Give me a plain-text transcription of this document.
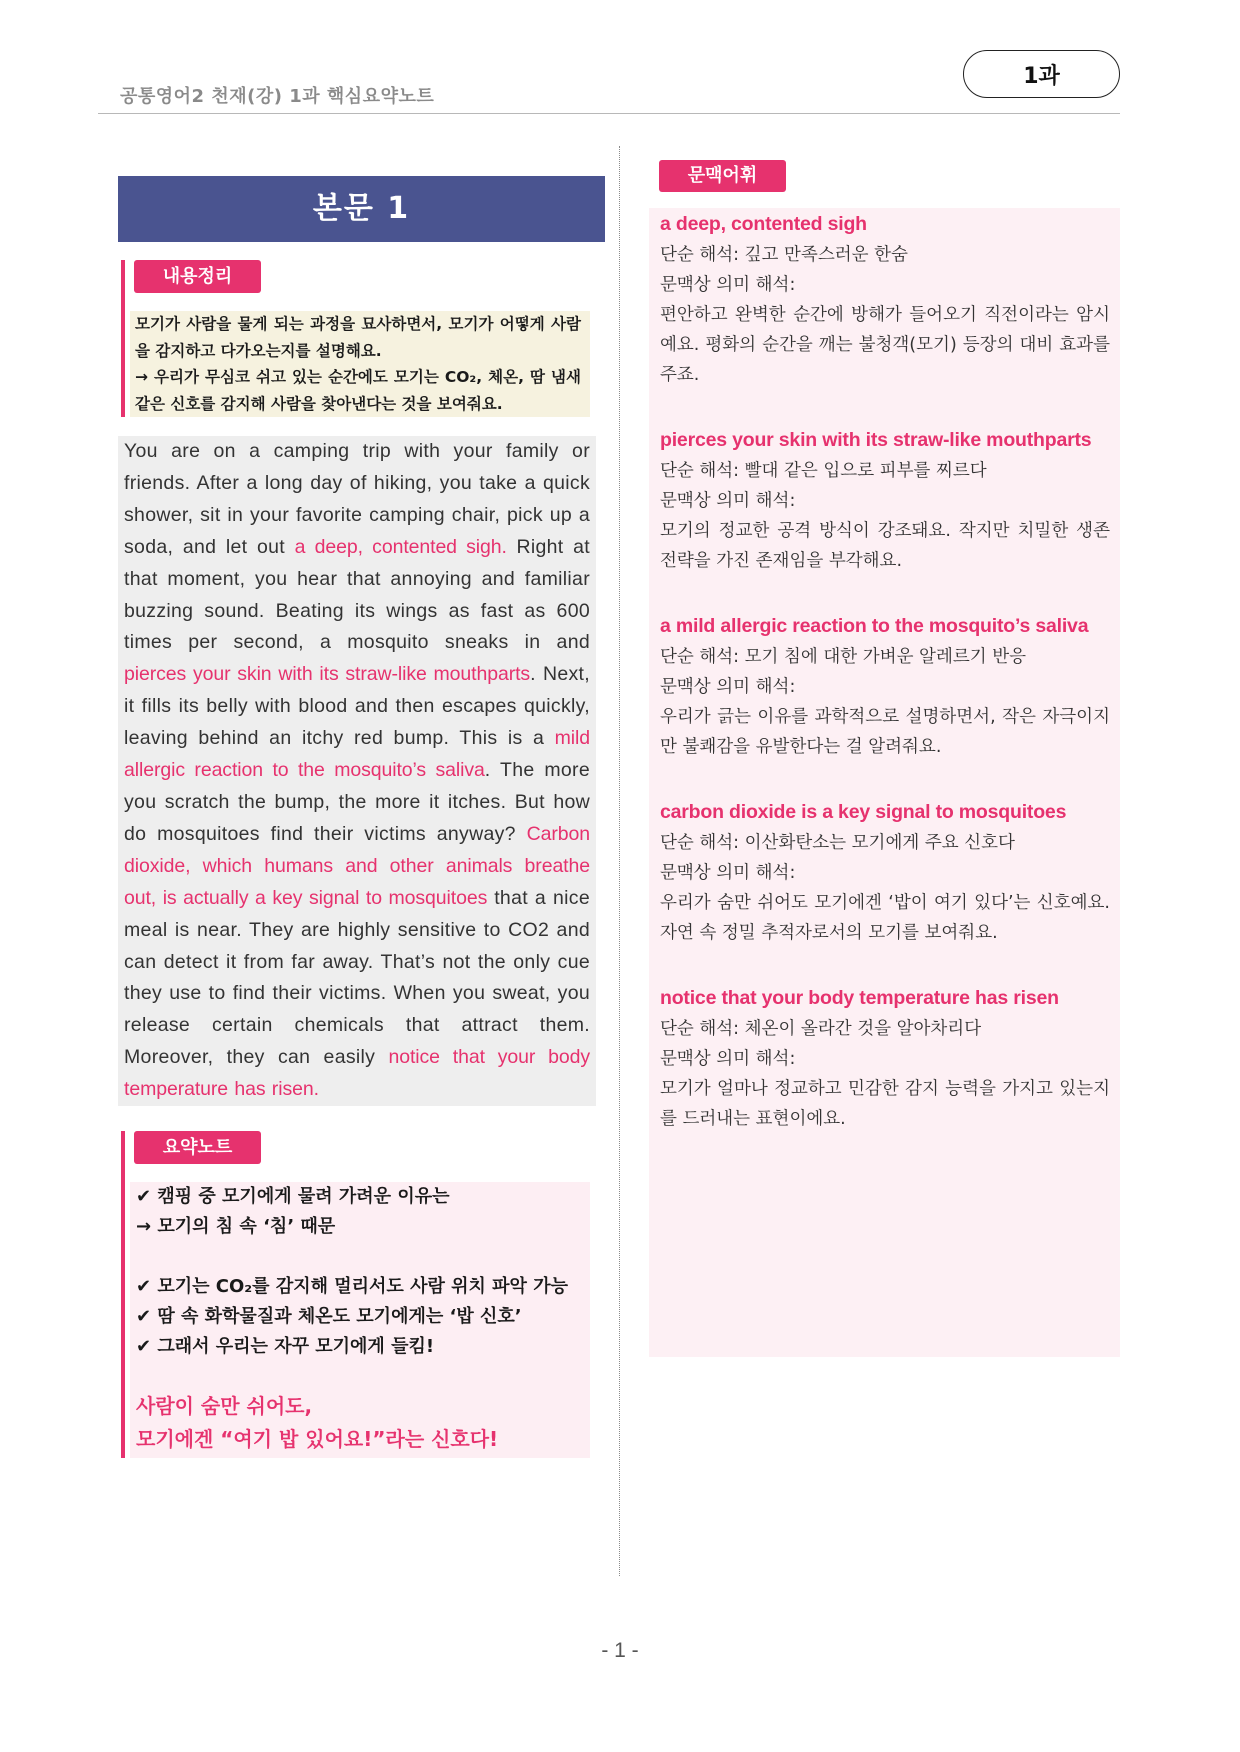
공통영어2 천재(강) 1과 핵심요약노트
1과
본문 1
내용정리

모기가 사람을 물게 되는 과정을 묘사하면서, 모기가 어떻게 사람을 감지하고 다가오는지를 설명해요.

→ 우리가 무심코 쉬고 있는 순간에도 모기는 CO₂, 체온, 땀 냄새 같은 신호를 감지해 사람을 찾아낸다는 것을 보여줘요.

You are on a camping trip with your family or friends. After a long day of hiking, you take a quick shower, sit in your favorite camping chair, pick up a soda, and let out a deep, contented sigh. Right at that moment, you hear that annoying and familiar buzzing sound. Beating its wings as fast as 600 times per second, a mosquito sneaks in and pierces your skin with its straw-like mouthparts. Next, it fills its belly with blood and then escapes quickly, leaving behind an itchy red bump. This is a mild allergic reaction to the mosquito’s saliva. The more you scratch the bump, the more it itches. But how do mosquitoes find their victims anyway? Carbon dioxide, which humans and other animals breathe out, is actually a key signal to mosquitoes that a nice meal is near. They are highly sensitive to CO2 and can detect it from far away. That’s not the only cue they use to find their victims. When you sweat, you release certain chemicals that attract them. Moreover, they can easily notice that your body temperature has risen.
요약노트

✔ 캠핑 중 모기에게 물려 가려운 이유는

→ 모기의 침 속 ‘침’ 때문

✔ 모기는 CO₂를 감지해 멀리서도 사람 위치 파악 가능

✔ 땀 속 화학물질과 체온도 모기에게는 ‘밥 신호’

✔ 그래서 우리는 자꾸 모기에게 들킴!

사람이 숨만 쉬어도,

모기에겐 “여기 밥 있어요!”라는 신호다!

문맥어휘
a deep, contented sigh
단순 해석: 깊고 만족스러운 한숨
문맥상 의미 해석:
편안하고 완벽한 순간에 방해가 들어오기 직전이라는 암시예요. 평화의 순간을 깨는 불청객(모기) 등장의 대비 효과를 주죠.
pierces your skin with its straw-like mouthparts
단순 해석: 빨대 같은 입으로 피부를 찌르다
문맥상 의미 해석:
모기의 정교한 공격 방식이 강조돼요. 작지만 치밀한 생존 전략을 가진 존재임을 부각해요.
a mild allergic reaction to the mosquito’s saliva
단순 해석: 모기 침에 대한 가벼운 알레르기 반응
문맥상 의미 해석:
우리가 긁는 이유를 과학적으로 설명하면서, 작은 자극이지만 불쾌감을 유발한다는 걸 알려줘요.
carbon dioxide is a key signal to mosquitoes
단순 해석: 이산화탄소는 모기에게 주요 신호다
문맥상 의미 해석:
우리가 숨만 쉬어도 모기에겐 ‘밥이 여기 있다’는 신호예요. 자연 속 정밀 추적자로서의 모기를 보여줘요.
notice that your body temperature has risen
단순 해석: 체온이 올라간 것을 알아차리다
문맥상 의미 해석:
모기가 얼마나 정교하고 민감한 감지 능력을 가지고 있는지를 드러내는 표현이에요.
- 1 -
